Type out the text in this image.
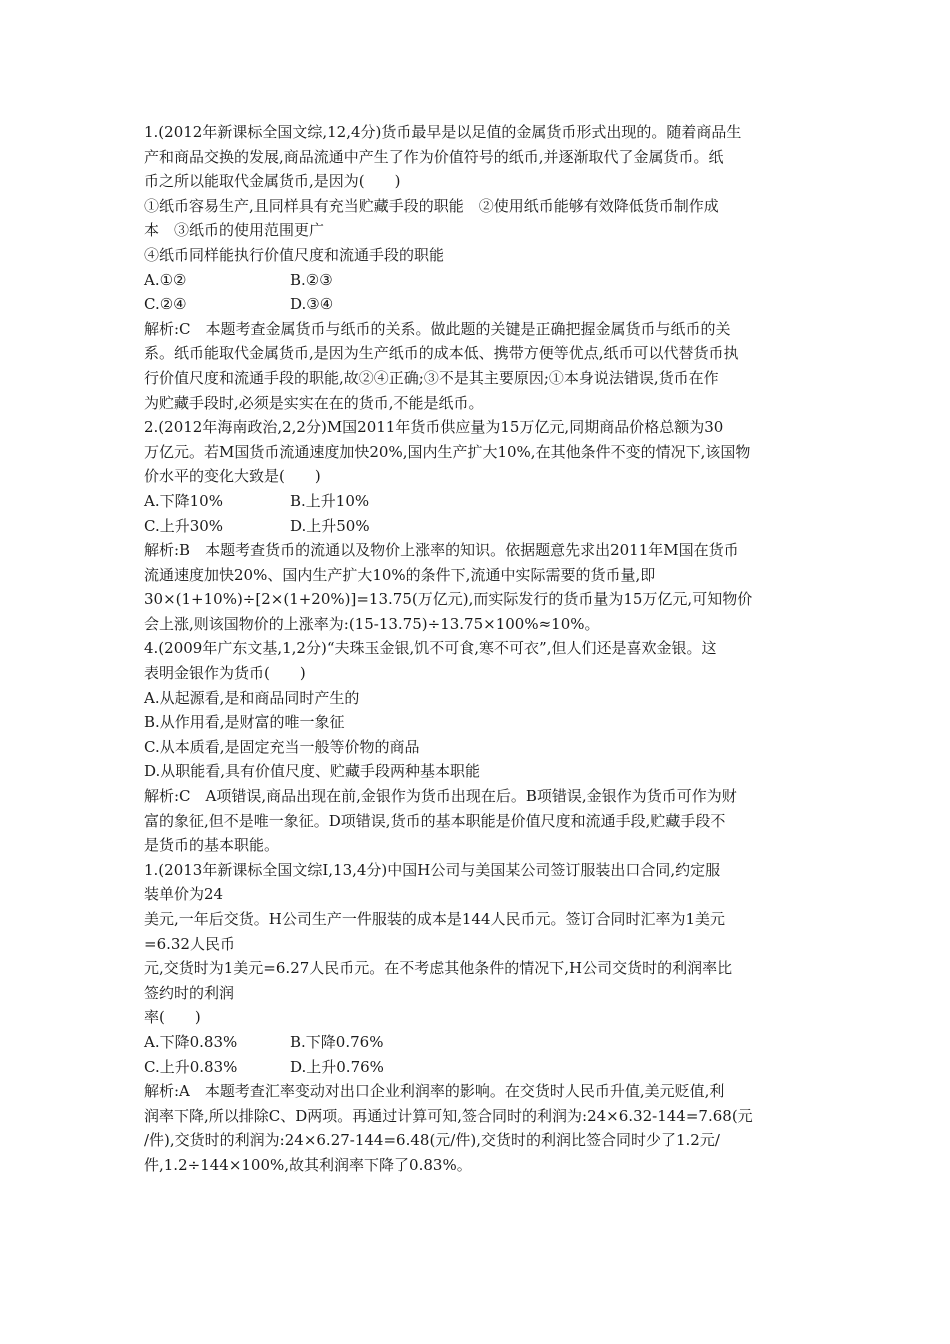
1.(2012年新课标全国文综,12,4分)货币最早是以足值的金属货币形式出现的。随着商品生
产和商品交换的发展,商品流通中产生了作为价值符号的纸币,并逐渐取代了金属货币。纸
币之所以能取代金属货币,是因为(　　)
①纸币容易生产,且同样具有充当贮藏手段的职能　②使用纸币能够有效降低货币制作成
本　③纸币的使用范围更广
④纸币同样能执行价值尺度和流通手段的职能
A.①②	B.②③
C.②④	D.③④
解析:C　本题考查金属货币与纸币的关系。做此题的关键是正确把握金属货币与纸币的关
系。纸币能取代金属货币,是因为生产纸币的成本低、携带方便等优点,纸币可以代替货币执
行价值尺度和流通手段的职能,故②④正确;③不是其主要原因;①本身说法错误,货币在作
为贮藏手段时,必须是实实在在的货币,不能是纸币。
2.(2012年海南政治,2,2分)M国2011年货币供应量为15万亿元,同期商品价格总额为30
万亿元。若M国货币流通速度加快20%,国内生产扩大10%,在其他条件不变的情况下,该国物
价水平的变化大致是(　　)
A.下降10%	B.上升10%
C.上升30%	D.上升50%
解析:B　本题考查货币的流通以及物价上涨率的知识。依据题意先求出2011年M国在货币
流通速度加快20%、国内生产扩大10%的条件下,流通中实际需要的货币量,即
30×(1+10%)÷[2×(1+20%)]=13.75(万亿元),而实际发行的货币量为15万亿元,可知物价
会上涨,则该国物价的上涨率为:(15-13.75)÷13.75×100%≈10%。
4.(2009年广东文基,1,2分)“夫珠玉金银,饥不可食,寒不可衣”,但人们还是喜欢金银。这
表明金银作为货币(　　)
A.从起源看,是和商品同时产生的
B.从作用看,是财富的唯一象征
C.从本质看,是固定充当一般等价物的商品
D.从职能看,具有价值尺度、贮藏手段两种基本职能
解析:C　A项错误,商品出现在前,金银作为货币出现在后。B项错误,金银作为货币可作为财
富的象征,但不是唯一象征。D项错误,货币的基本职能是价值尺度和流通手段,贮藏手段不
是货币的基本职能。
1.(2013年新课标全国文综Ⅰ,13,4分)中国H公司与美国某公司签订服装出口合同,约定服
装单价为24
美元,一年后交货。H公司生产一件服装的成本是144人民币元。签订合同时汇率为1美元
=6.32人民币
元,交货时为1美元=6.27人民币元。在不考虑其他条件的情况下,H公司交货时的利润率比
签约时的利润
率(　　)
A.下降0.83%	B.下降0.76%
C.上升0.83%	D.上升0.76%
解析:A　本题考查汇率变动对出口企业利润率的影响。在交货时人民币升值,美元贬值,利
润率下降,所以排除C、D两项。再通过计算可知,签合同时的利润为:24×6.32-144=7.68(元
/件),交货时的利润为:24×6.27-144=6.48(元/件),交货时的利润比签合同时少了1.2元/
件,1.2÷144×100%,故其利润率下降了0.83%。
